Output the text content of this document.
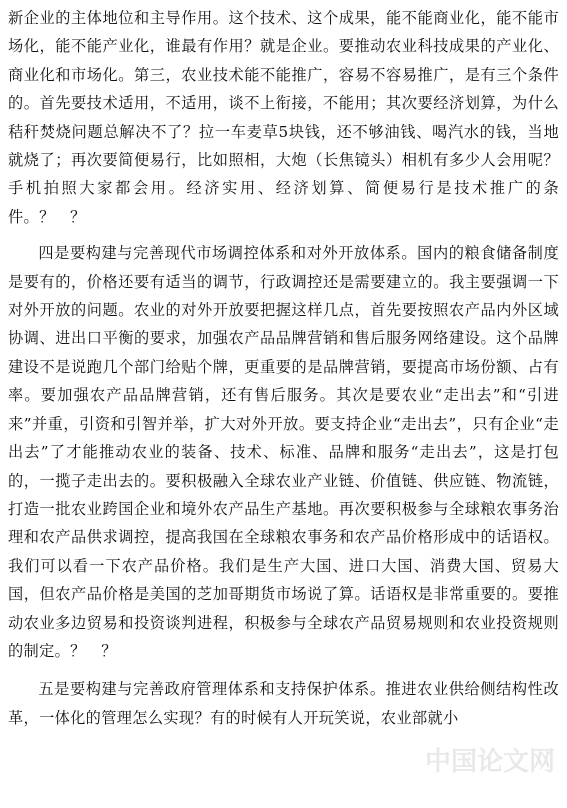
新企业的主体地位和主导作用。这个技术、这个成果，能不能商业化，能不能市场化，能不能产业化，谁最有作用？就是企业。要推动农业科技成果的产业化、商业化和市场化。第三，农业技术能不能推广，容易不容易推广，是有三个条件的。首先要技术适用，不适用，谈不上衔接，不能用；其次要经济划算，为什么秸秆焚烧问题总解决不了？拉一车麦草5块钱，还不够油钱、喝汽水的钱，当地就烧了；再次要简便易行，比如照相，大炮（长焦镜头）相机有多少人会用呢？手机拍照大家都会用。经济实用、经济划算、简便易行是技术推广的条件。？　？

四是要构建与完善现代市场调控体系和对外开放体系。国内的粮食储备制度是要有的，价格还要有适当的调节，行政调控还是需要建立的。我主要强调一下对外开放的问题。农业的对外开放要把握这样几点，首先要按照农产品内外区域协调、进出口平衡的要求，加强农产品品牌营销和售后服务网络建设。这个品牌建设不是说跑几个部门给贴个牌，更重要的是品牌营销，要提高市场份额、占有率。要加强农产品品牌营销，还有售后服务。其次是要农业“走出去”和“引进来”并重，引资和引智并举，扩大对外开放。要支持企业“走出去”，只有企业“走出去”了才能推动农业的装备、技术、标准、品牌和服务“走出去”，这是打包的，一揽子走出去的。要积极融入全球农业产业链、价值链、供应链、物流链，打造一批农业跨国企业和境外农产品生产基地。再次要积极参与全球粮农事务治理和农产品供求调控，提高我国在全球粮农事务和农产品价格形成中的话语权。我们可以看一下农产品价格。我们是生产大国、进口大国、消费大国、贸易大国，但农产品价格是美国的芝加哥期货市场说了算。话语权是非常重要的。要推动农业多边贸易和投资谈判进程，积极参与全球农产品贸易规则和农业投资规则的制定。？　？

五是要构建与完善政府管理体系和支持保护体系。推进农业供给侧结构性改革，一体化的管理怎么实现？有的时候有人开玩笑说，农业部就小

中国论文网
